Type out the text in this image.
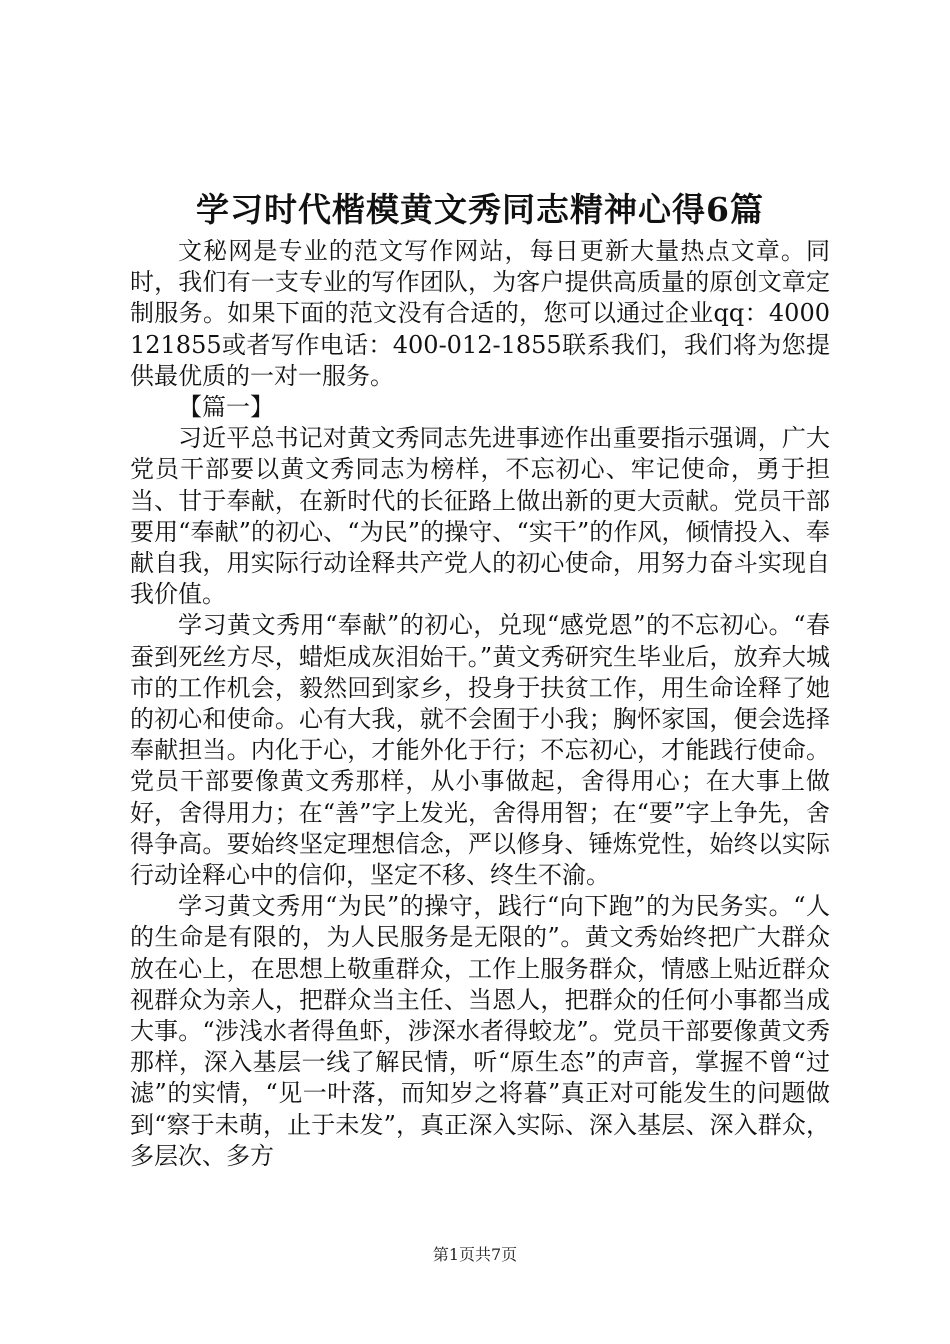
学习时代楷模黄文秀同志精神心得6篇

文秘网是专业的范文写作网站，每日更新大量热点文章。同时，我们有一支专业的写作团队，为客户提供高质量的原创文章定制服务。如果下面的范文没有合适的，您可以通过企业qq：4000121855或者写作电话：400-012-1855联系我们，我们将为您提供最优质的一对一服务。

【篇一】

习近平总书记对黄文秀同志先进事迹作出重要指示强调，广大党员干部要以黄文秀同志为榜样，不忘初心、牢记使命，勇于担当、甘于奉献，在新时代的长征路上做出新的更大贡献。党员干部要用“奉献”的初心、“为民”的操守、“实干”的作风，倾情投入、奉献自我，用实际行动诠释共产党人的初心使命，用努力奋斗实现自我价值。

学习黄文秀用“奉献”的初心，兑现“感党恩”的不忘初心。“春蚕到死丝方尽，蜡炬成灰泪始干。”黄文秀研究生毕业后，放弃大城市的工作机会，毅然回到家乡，投身于扶贫工作，用生命诠释了她的初心和使命。心有大我，就不会囿于小我；胸怀家国，便会选择奉献担当。内化于心，才能外化于行；不忘初心，才能践行使命。党员干部要像黄文秀那样，从小事做起，舍得用心；在大事上做好，舍得用力；在“善”字上发光，舍得用智；在“要”字上争先，舍得争高。要始终坚定理想信念，严以修身、锤炼党性，始终以实际行动诠释心中的信仰，坚定不移、终生不渝。

学习黄文秀用“为民”的操守，践行“向下跑”的为民务实。“人的生命是有限的，为人民服务是无限的”。黄文秀始终把广大群众放在心上，在思想上敬重群众，工作上服务群众，情感上贴近群众视群众为亲人，把群众当主任、当恩人，把群众的任何小事都当成大事。“涉浅水者得鱼虾，涉深水者得蛟龙”。党员干部要像黄文秀那样，深入基层一线了解民情，听“原生态”的声音，掌握不曾“过滤”的实情，“见一叶落，而知岁之将暮”真正对可能发生的问题做到“察于未萌，止于未发”，真正深入实际、深入基层、深入群众，多层次、多方

第1页共7页
